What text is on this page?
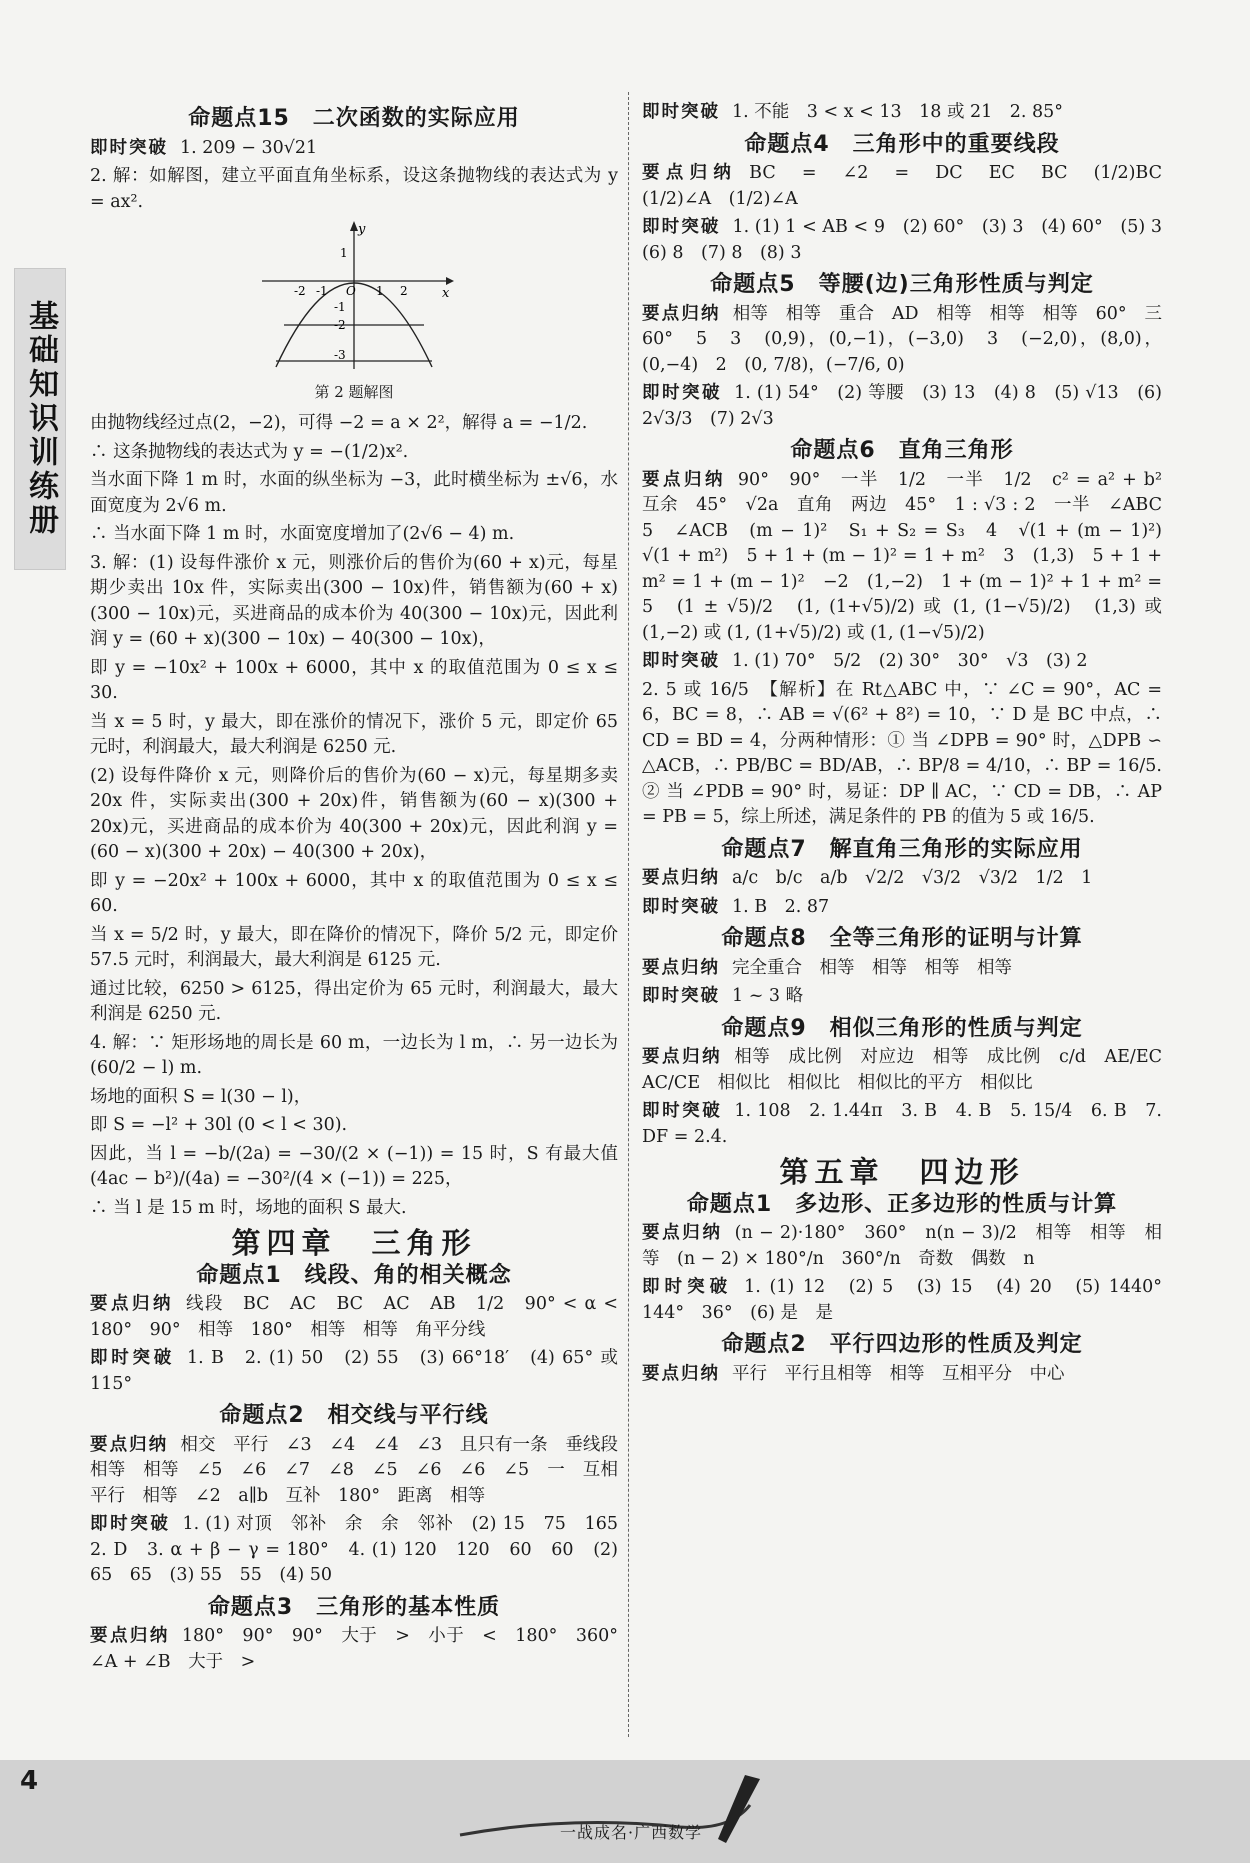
基础知识训练册
命题点15　二次函数的实际应用
即时突破 1. 209 − 30√21
2. 解：如解图，建立平面直角坐标系，设这条抛物线的表达式为 y = ax².
y
x
1
O
-2 -1	1 2
-1
-2
-3
第 2 题解图
由抛物线经过点(2，−2)，可得 −2 = a × 2²，解得 a = −1/2.
∴ 这条抛物线的表达式为 y = −(1/2)x².
当水面下降 1 m 时，水面的纵坐标为 −3，此时横坐标为 ±√6，水面宽度为 2√6 m.
∴ 当水面下降 1 m 时，水面宽度增加了(2√6 − 4) m.
3. 解：(1) 设每件涨价 x 元，则涨价后的售价为(60 + x)元，每星期少卖出 10x 件，实际卖出(300 − 10x)件，销售额为(60 + x)(300 − 10x)元，买进商品的成本价为 40(300 − 10x)元，因此利润 y = (60 + x)(300 − 10x) − 40(300 − 10x)，
即 y = −10x² + 100x + 6000，其中 x 的取值范围为 0 ≤ x ≤ 30.
当 x = 5 时，y 最大，即在涨价的情况下，涨价 5 元，即定价 65 元时，利润最大，最大利润是 6250 元.
(2) 设每件降价 x 元，则降价后的售价为(60 − x)元，每星期多卖 20x 件，实际卖出(300 + 20x)件，销售额为(60 − x)(300 + 20x)元，买进商品的成本价为 40(300 + 20x)元，因此利润 y = (60 − x)(300 + 20x) − 40(300 + 20x)，
即 y = −20x² + 100x + 6000，其中 x 的取值范围为 0 ≤ x ≤ 60.
当 x = 5/2 时，y 最大，即在降价的情况下，降价 5/2 元，即定价 57.5 元时，利润最大，最大利润是 6125 元.
通过比较，6250 > 6125，得出定价为 65 元时，利润最大，最大利润是 6250 元.
4. 解：∵ 矩形场地的周长是 60 m，一边长为 l m，∴ 另一边长为 (60/2 − l) m.
场地的面积 S = l(30 − l)，
即 S = −l² + 30l (0 < l < 30).
因此，当 l = −b/(2a) = −30/(2 × (−1)) = 15 时，S 有最大值 (4ac − b²)/(4a) = −30²/(4 × (−1)) = 225，
∴ 当 l 是 15 m 时，场地的面积 S 最大.
第四章　三角形
命题点1　线段、角的相关概念
要点归纳 线段　BC　AC　BC　AC　AB　1/2　90° < α < 180°　90°　相等　180°　相等　相等　角平分线
即时突破 1. B　2. (1) 50　(2) 55　(3) 66°18′　(4) 65° 或 115°
命题点2　相交线与平行线
要点归纳 相交　平行　∠3　∠4　∠4　∠3　且只有一条　垂线段　相等　相等　∠5　∠6　∠7　∠8　∠5　∠6　∠6　∠5　一　互相平行　相等　∠2　a∥b　互补　180°　距离　相等
即时突破 1. (1) 对顶　邻补　余　余　邻补　(2) 15　75　165　2. D　3. α + β − γ = 180°　4. (1) 120　120　60　60　(2) 65　65　(3) 55　55　(4) 50
命题点3　三角形的基本性质
要点归纳 180°　90°　90°　大于　>　小于　<　180°　360°　∠A + ∠B　大于　>
即时突破 1. 不能　3 < x < 13　18 或 21　2. 85°
命题点4　三角形中的重要线段
要点归纳 BC　=　∠2　=　DC　EC　BC　(1/2)BC　(1/2)∠A　(1/2)∠A
即时突破 1. (1) 1 < AB < 9　(2) 60°　(3) 3　(4) 60°　(5) 3　(6) 8　(7) 8　(8) 3
命题点5　等腰(边)三角形性质与判定
要点归纳 相等　相等　重合　AD　相等　相等　相等　60°　三　60°　5　3　(0,9)，(0,−1)，(−3,0)　3　(−2,0)，(8,0)，(0,−4)　2　(0, 7/8)，(−7/6, 0)
即时突破 1. (1) 54°　(2) 等腰　(3) 13　(4) 8　(5) √13　(6) 2√3/3　(7) 2√3
命题点6　直角三角形
要点归纳 90°　90°　一半　1/2　一半　1/2　c² = a² + b²　互余　45°　√2a　直角　两边　45°　1 : √3 : 2　一半　∠ABC　5　∠ACB　(m − 1)²　S₁ + S₂ = S₃　4　√(1 + (m − 1)²)　√(1 + m²)　5 + 1 + (m − 1)² = 1 + m²　3　(1,3)　5 + 1 + m² = 1 + (m − 1)²　−2　(1,−2)　1 + (m − 1)² + 1 + m² = 5　(1 ± √5)/2　(1, (1+√5)/2) 或 (1, (1−√5)/2)　(1,3) 或 (1,−2) 或 (1, (1+√5)/2) 或 (1, (1−√5)/2)
即时突破 1. (1) 70°　5/2　(2) 30°　30°　√3　(3) 2
2. 5 或 16/5　【解析】在 Rt△ABC 中，∵ ∠C = 90°，AC = 6，BC = 8，∴ AB = √(6² + 8²) = 10，∵ D 是 BC 中点，∴ CD = BD = 4，分两种情形：① 当 ∠DPB = 90° 时，△DPB ∽ △ACB，∴ PB/BC = BD/AB，∴ BP/8 = 4/10，∴ BP = 16/5. ② 当 ∠PDB = 90° 时，易证：DP ∥ AC，∵ CD = DB，∴ AP = PB = 5，综上所述，满足条件的 PB 的值为 5 或 16/5.
命题点7　解直角三角形的实际应用
要点归纳 a/c　b/c　a/b　√2/2　√3/2　√3/2　1/2　1
即时突破 1. B　2. 87
命题点8　全等三角形的证明与计算
要点归纳 完全重合　相等　相等　相等　相等
即时突破 1 ~ 3 略
命题点9　相似三角形的性质与判定
要点归纳 相等　成比例　对应边　相等　成比例　c/d　AE/EC　AC/CE　相似比　相似比　相似比的平方　相似比
即时突破 1. 108　2. 1.44π　3. B　4. B　5. 15/4　6. B　7. DF = 2.4.
第五章　四边形
命题点1　多边形、正多边形的性质与计算
要点归纳 (n − 2)·180°　360°　n(n − 3)/2　相等　相等　相等　(n − 2) × 180°/n　360°/n　奇数　偶数　n
即时突破 1. (1) 12　(2) 5　(3) 15　(4) 20　(5) 1440°　144°　36°　(6) 是　是
命题点2　平行四边形的性质及判定
要点归纳 平行　平行且相等　相等　互相平分　中心
4
一战成名·广西数学
